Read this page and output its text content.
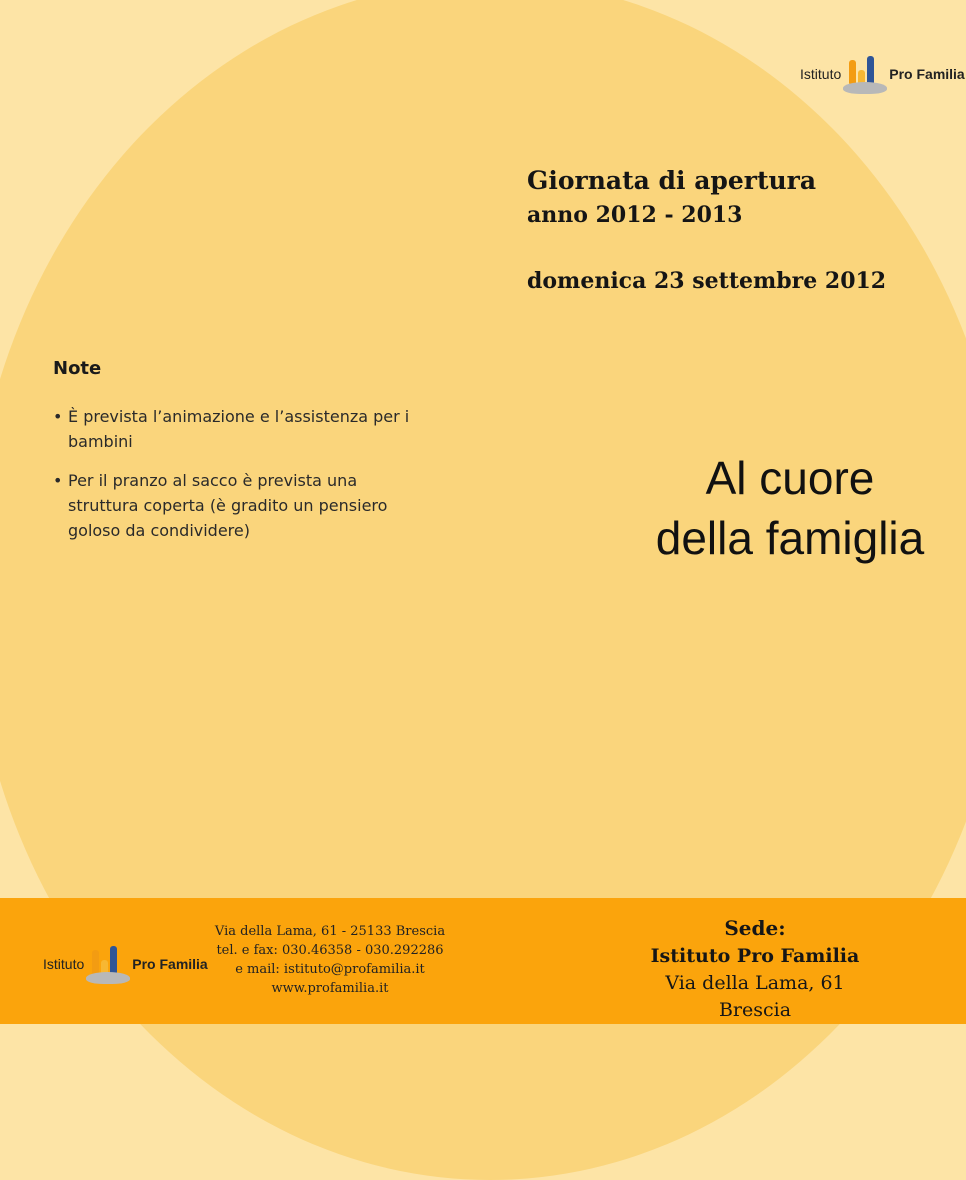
Istituto	Pro Familia
Giornata di apertura
anno 2012 - 2013
domenica 23 settembre 2012
Note
• È prevista l’animazione e l’assistenza per i bambini
• Per il pranzo al sacco è prevista una struttura coperta (è gradito un pensiero goloso da condividere)
Al cuore
della famiglia
Via della Lama, 61 - 25133 Brescia
tel. e fax: 030.46358 - 030.292286
e mail: istituto@profamilia.it
www.profamilia.it
Sede:
Istituto Pro Familia
Via della Lama, 61
Brescia
Istituto	Pro Familia
